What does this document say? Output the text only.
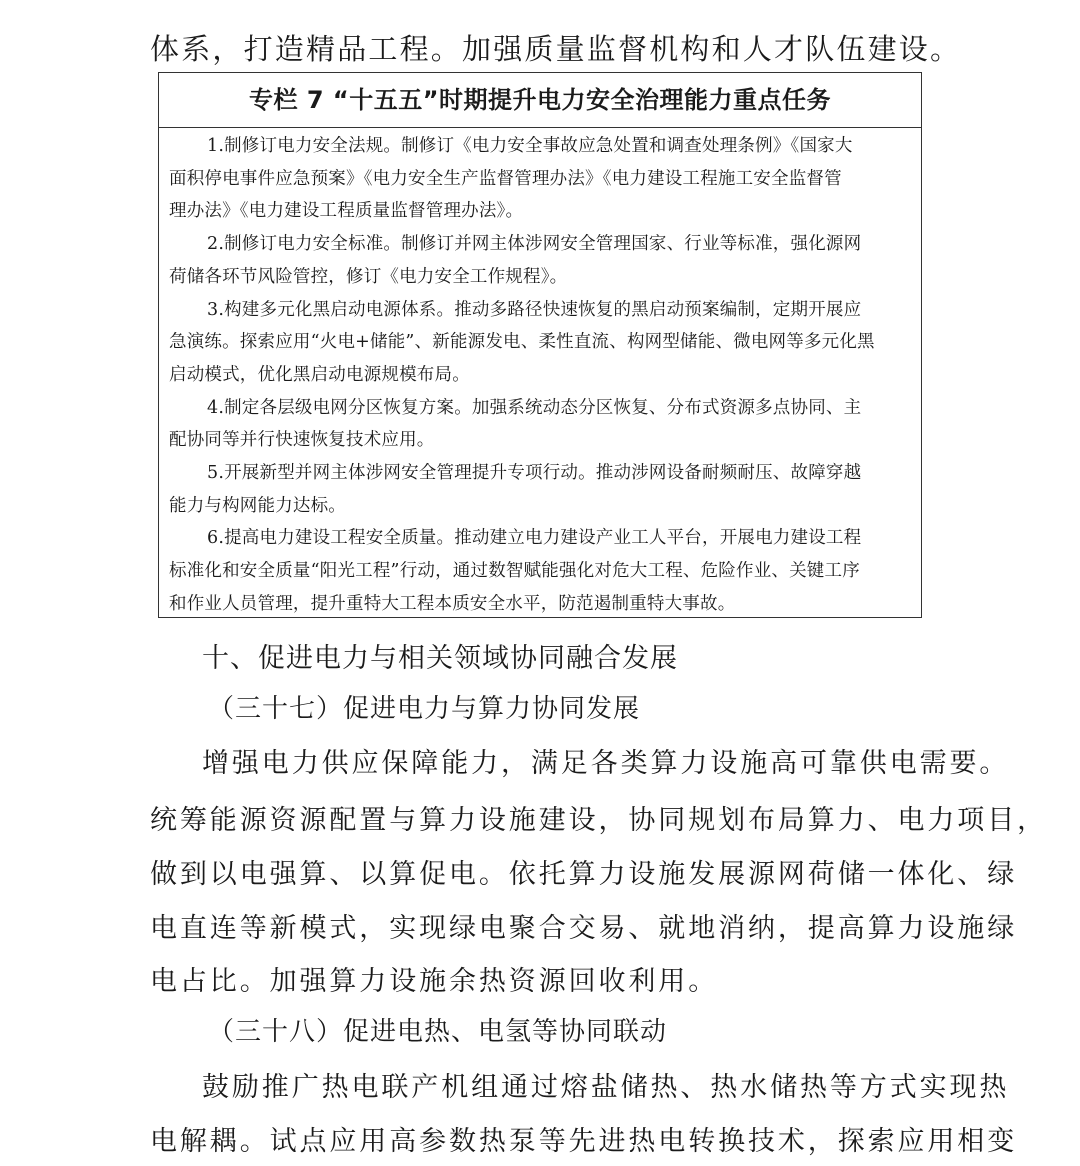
体系，打造精品工程。加强质量监督机构和人才队伍建设。
专栏 7 “十五五”时期提升电力安全治理能力重点任务
1.制修订电力安全法规。制修订《电力安全事故应急处置和调查处理条例》《国家大
面积停电事件应急预案》《电力安全生产监督管理办法》《电力建设工程施工安全监督管
理办法》《电力建设工程质量监督管理办法》。
2.制修订电力安全标准。制修订并网主体涉网安全管理国家、行业等标准，强化源网
荷储各环节风险管控，修订《电力安全工作规程》。
3.构建多元化黑启动电源体系。推动多路径快速恢复的黑启动预案编制，定期开展应
急演练。探索应用“火电+储能”、新能源发电、柔性直流、构网型储能、微电网等多元化黑
启动模式，优化黑启动电源规模布局。
4.制定各层级电网分区恢复方案。加强系统动态分区恢复、分布式资源多点协同、主
配协同等并行快速恢复技术应用。
5.开展新型并网主体涉网安全管理提升专项行动。推动涉网设备耐频耐压、故障穿越
能力与构网能力达标。
6.提高电力建设工程安全质量。推动建立电力建设产业工人平台，开展电力建设工程
标准化和安全质量“阳光工程”行动，通过数智赋能强化对危大工程、危险作业、关键工序
和作业人员管理，提升重特大工程本质安全水平，防范遏制重特大事故。
十、促进电力与相关领域协同融合发展
（三十七）促进电力与算力协同发展
增强电力供应保障能力，满足各类算力设施高可靠供电需要。
统筹能源资源配置与算力设施建设，协同规划布局算力、电力项目，
做到以电强算、以算促电。依托算力设施发展源网荷储一体化、绿
电直连等新模式，实现绿电聚合交易、就地消纳，提高算力设施绿
电占比。加强算力设施余热资源回收利用。
（三十八）促进电热、电氢等协同联动
鼓励推广热电联产机组通过熔盐储热、热水储热等方式实现热
电解耦。试点应用高参数热泵等先进热电转换技术，探索应用相变
